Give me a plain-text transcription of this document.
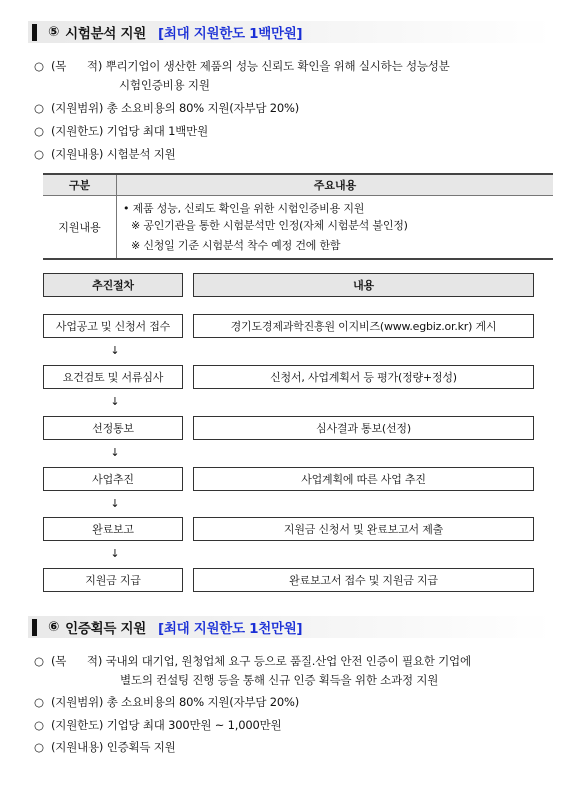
⑤ 시험분석 지원 [최대 지원한도 1백만원]
○ (목      적) 뿌리기업이 생산한 제품의 성능 신뢰도 확인을 위해 실시하는 성능성분
시험인증비용 지원
○ (지원범위) 총 소요비용의 80% 지원(자부담 20%)
○ (지원한도) 기업당 최대 1백만원
○ (지원내용) 시험분석 지원
구분	주요내용
지원내용	• 제품 성능, 신뢰도 확인을 위한 시험인증비용 지원
※ 공인기관을 통한 시험분석만 인정(자체 시험분석 불인정)
※ 신청일 기준 시험분석 착수 예정 건에 한함
추진절차	내용
사업공고 및 신청서 접수	경기도경제과학진흥원 이지비즈(www.egbiz.or.kr) 게시
↓
요건검토 및 서류심사	신청서, 사업계획서 등 평가(정량+정성)
↓
선정통보	심사결과 통보(선정)
↓
사업추진	사업계획에 따른 사업 추진
↓
완료보고	지원금 신청서 및 완료보고서 제출
↓
지원금 지급	완료보고서 접수 및 지원금 지급
⑥ 인증획득 지원 [최대 지원한도 1천만원]
○ (목      적) 국내외 대기업, 원청업체 요구 등으로 품질.산업 안전 인증이 필요한 기업에
별도의 컨설팅 진행 등을 통해 신규 인증 획득을 위한 소과정 지원
○ (지원범위) 총 소요비용의 80% 지원(자부담 20%)
○ (지원한도) 기업당 최대 300만원 ~ 1,000만원
○ (지원내용) 인증획득 지원
